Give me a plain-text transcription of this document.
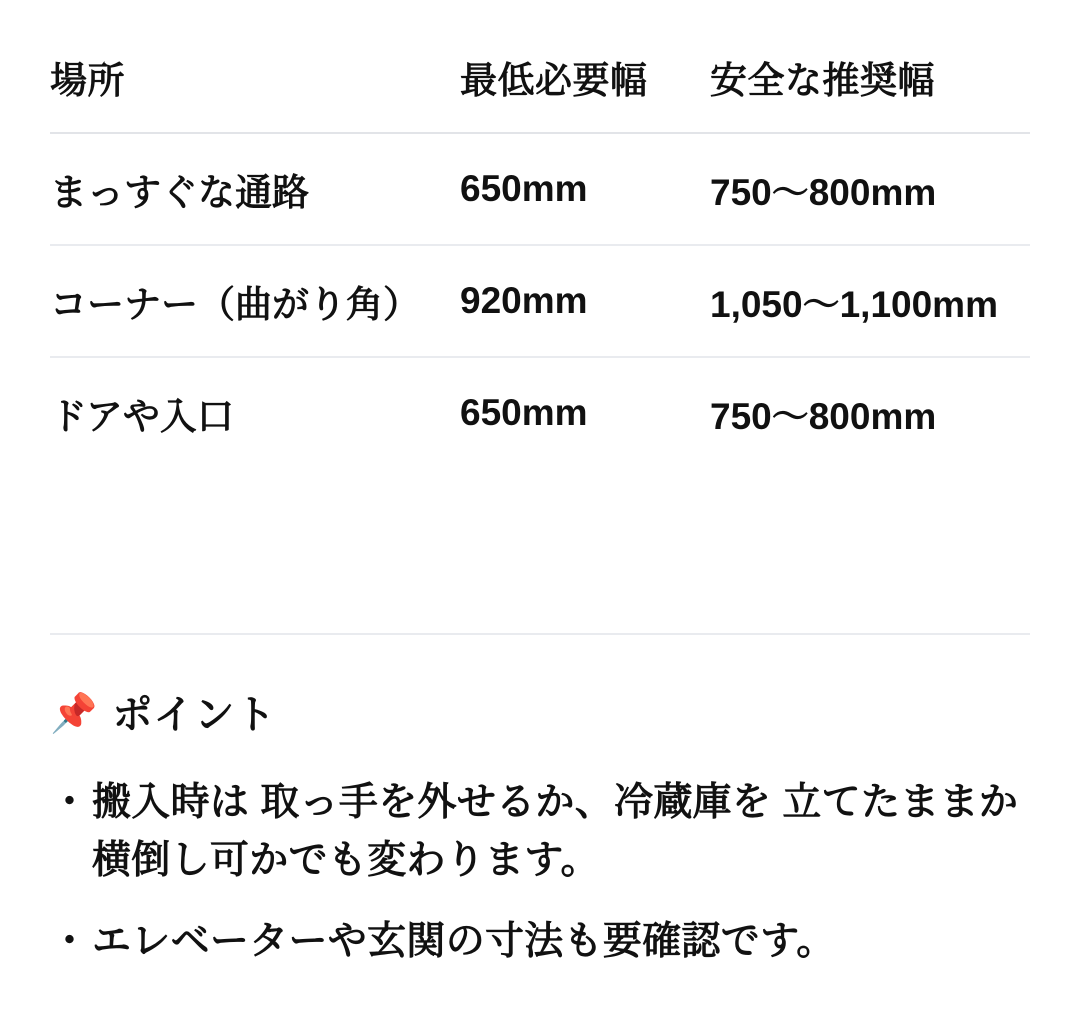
場所	最低必要幅	安全な推奨幅
まっすぐな通路	650mm	750〜800mm
コーナー（曲がり角）	920mm	1,050〜1,100mm
ドアや入口	650mm	750〜800mm
📌 ポイント
・ 搬入時は 取っ手を外せるか、冷蔵庫を 立てたままか横倒し可かでも変わります。
・ エレベーターや玄関の寸法も要確認です。
